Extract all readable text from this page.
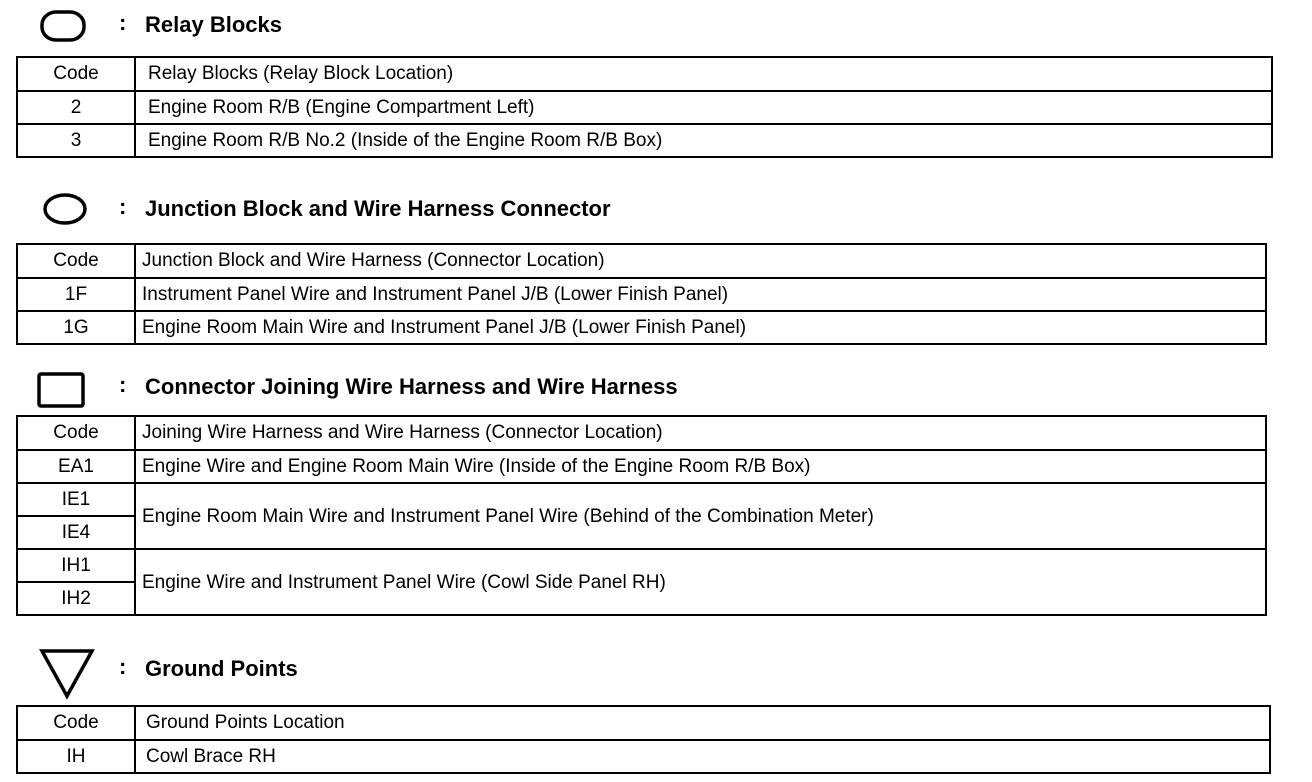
: Relay Blocks
Code	Relay Blocks (Relay Block Location)
2	Engine Room R/B (Engine Compartment Left)
3	Engine Room R/B No.2 (Inside of the Engine Room R/B Box)
: Junction Block and Wire Harness Connector
Code	Junction Block and Wire Harness (Connector Location)
1F	Instrument Panel Wire and Instrument Panel J/B (Lower Finish Panel)
1G	Engine Room Main Wire and Instrument Panel J/B (Lower Finish Panel)
: Connector Joining Wire Harness and Wire Harness
Code	Joining Wire Harness and Wire Harness (Connector Location)
EA1	Engine Wire and Engine Room Main Wire (Inside of the Engine Room R/B Box)
IE1	Engine Room Main Wire and Instrument Panel Wire (Behind of the Combination Meter)
IE4	
IH1	Engine Wire and Instrument Panel Wire (Cowl Side Panel RH)
IH2	
: Ground Points
Code	Ground Points Location
IH	Cowl Brace RH
